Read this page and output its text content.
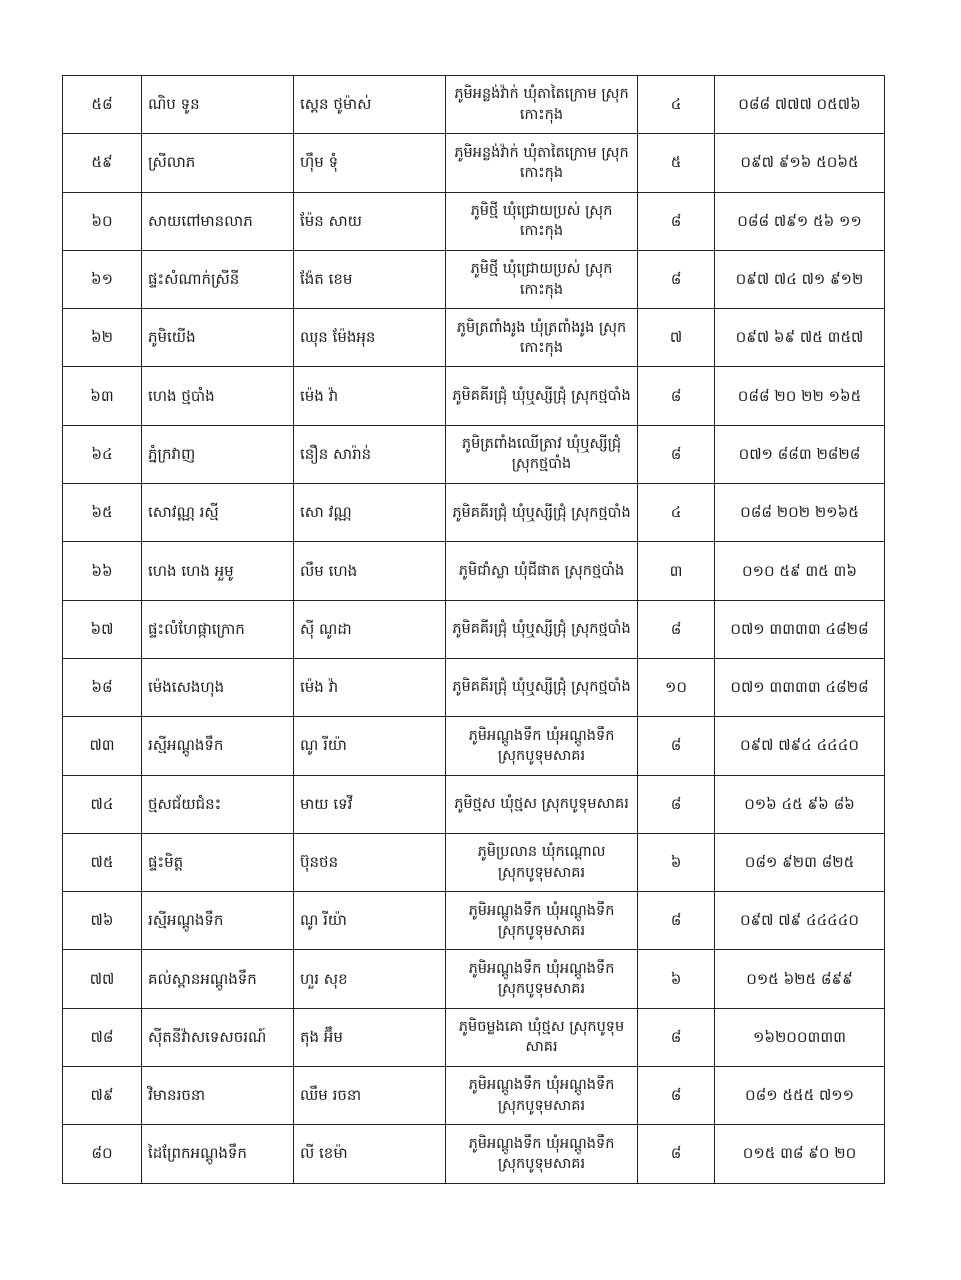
៥៨	ណិប ទូន	ស្តេន ថូម៉ាស់	ភូមិអន្លង់វ៉ាក់ ឃុំតាតៃក្រោម ស្រុកកោះកុង	៤	០៨៨ ៧៧៧ ០៥៧៦
៥៩	ស្រីលាភ	ហ៊ឹម ទុំ	ភូមិអន្លង់វ៉ាក់ ឃុំតាតៃក្រោម ស្រុកកោះកុង	៥	០៩៧ ៩១៦ ៥០៦៥
៦០	សាយពៅមានលាភ	ម៉ែន សាយ	ភូមិថ្មី ឃុំជ្រោយប្រស់ ស្រុកកោះកុង	៨	០៨៨ ៧៩១ ៥៦ ១១
៦១	ផ្ទះសំណាក់ស្រីនី	ង៉ែត ខេម	ភូមិថ្មី ឃុំជ្រោយប្រស់ ស្រុកកោះកុង	៨	០៩៧ ៧៤ ៧១ ៩១២
៦២	ភូមិយើង	ឈុន ម៉ែងអុន	ភូមិត្រពាំងរូង ឃុំត្រពាំងរូង ស្រុកកោះកុង	៧	០៩៧ ៦៩ ៧៥ ៣៥៧
៦៣	ហេង ថ្មបាំង	ម៉េង វ៉ា	ភូមិគគីរជ្រុំ ឃុំឬស្សីជ្រុំ ស្រុកថ្មបាំង	៨	០៨៨ ២០ ២២ ១៦៥
៦៤	ភ្នំក្រវាញ	នឿន សារ៉ាន់	ភូមិត្រពាំងឈើត្រាវ ឃុំឬស្សីជ្រុំ ស្រុកថ្មបាំង	៨	០៧១ ៨៨៣ ២៨២៨
៦៥	សោវណ្ណ រស្មី	សោ វណ្ណ	ភូមិគគីរជ្រុំ ឃុំឬស្សីជ្រុំ ស្រុកថ្មបាំង	៤	០៨៨ ២០២ ២១៦៥
៦៦	ហេង ហេង អួមូ	លឹម ហេង	ភូមិជាំស្លា ឃុំជីផាត ស្រុកថ្មបាំង	៣	០១០ ៥៩ ៣៥ ៣៦
៦៧	ផ្ទះលំហែផ្កាក្រោក	ស៊ី ណូដា	ភូមិគគីរជ្រុំ ឃុំឬស្សីជ្រុំ ស្រុកថ្មបាំង	៨	០៧១ ៣៣៣៣ ៤៨២៨
៦៨	ម៉េងសេងហុង	ម៉េង វ៉ា	ភូមិគគីរជ្រុំ ឃុំឬស្សីជ្រុំ ស្រុកថ្មបាំង	១០	០៧១ ៣៣៣៣ ៤៨២៨
៧៣	រស្មីអណ្តូងទឹក	ណូ រីយ៉ា	ភូមិអណ្តូងទឹក ឃុំអណ្តូងទឹក ស្រុកបូទុមសាគរ	៨	០៩៧ ៧៩៤ ៤៤៤០
៧៤	ថ្មសជ័យជំនះ	មាយ ទេវី	ភូមិថ្មស ឃុំថ្មស ស្រុកបូទុមសាគរ	៨	០១៦ ៤៥ ៩៦ ៨៦
៧៥	ផ្ទះមិត្ត	ប៊ុនថន	ភូមិប្រលាន ឃុំកណ្តោល ស្រុកបូទុមសាគរ	៦	០៨១ ៩២៣ ៨២៥
៧៦	រស្មីអណ្តូងទឹក	ណូ រីយ៉ា	ភូមិអណ្តូងទឹក ឃុំអណ្តូងទឹក ស្រុកបូទុមសាគរ	៨	០៩៧ ៧៩ ៤៤៤៤០
៧៧	គល់ស្ពានអណ្តូងទឹក	ហួរ សុខ	ភូមិអណ្តូងទឹក ឃុំអណ្តូងទឹក ស្រុកបូទុមសាគរ	៦	០១៥ ៦២៥ ៨៩៩
៧៨	ស៊ីតនីវ៉ាសទេសចរណ៍	តុង អ៊ឹម	ភូមិចម្លងគោ ឃុំថ្មស ស្រុកបូទុមសាគរ	៨	១៦២០០៣៣៣
៧៩	វិមានរចនា	ឈឹម រចនា	ភូមិអណ្តូងទឹក ឃុំអណ្តូងទឹក ស្រុកបូទុមសាគរ	៨	០៨១ ៥៥៥ ៧១១
៨០	ដៃព្រែកអណ្តូងទឹក	លី ខេម៉ា	ភូមិអណ្តូងទឹក ឃុំអណ្តូងទឹក ស្រុកបូទុមសាគរ	៨	០១៥ ៣៨ ៩០ ២០
